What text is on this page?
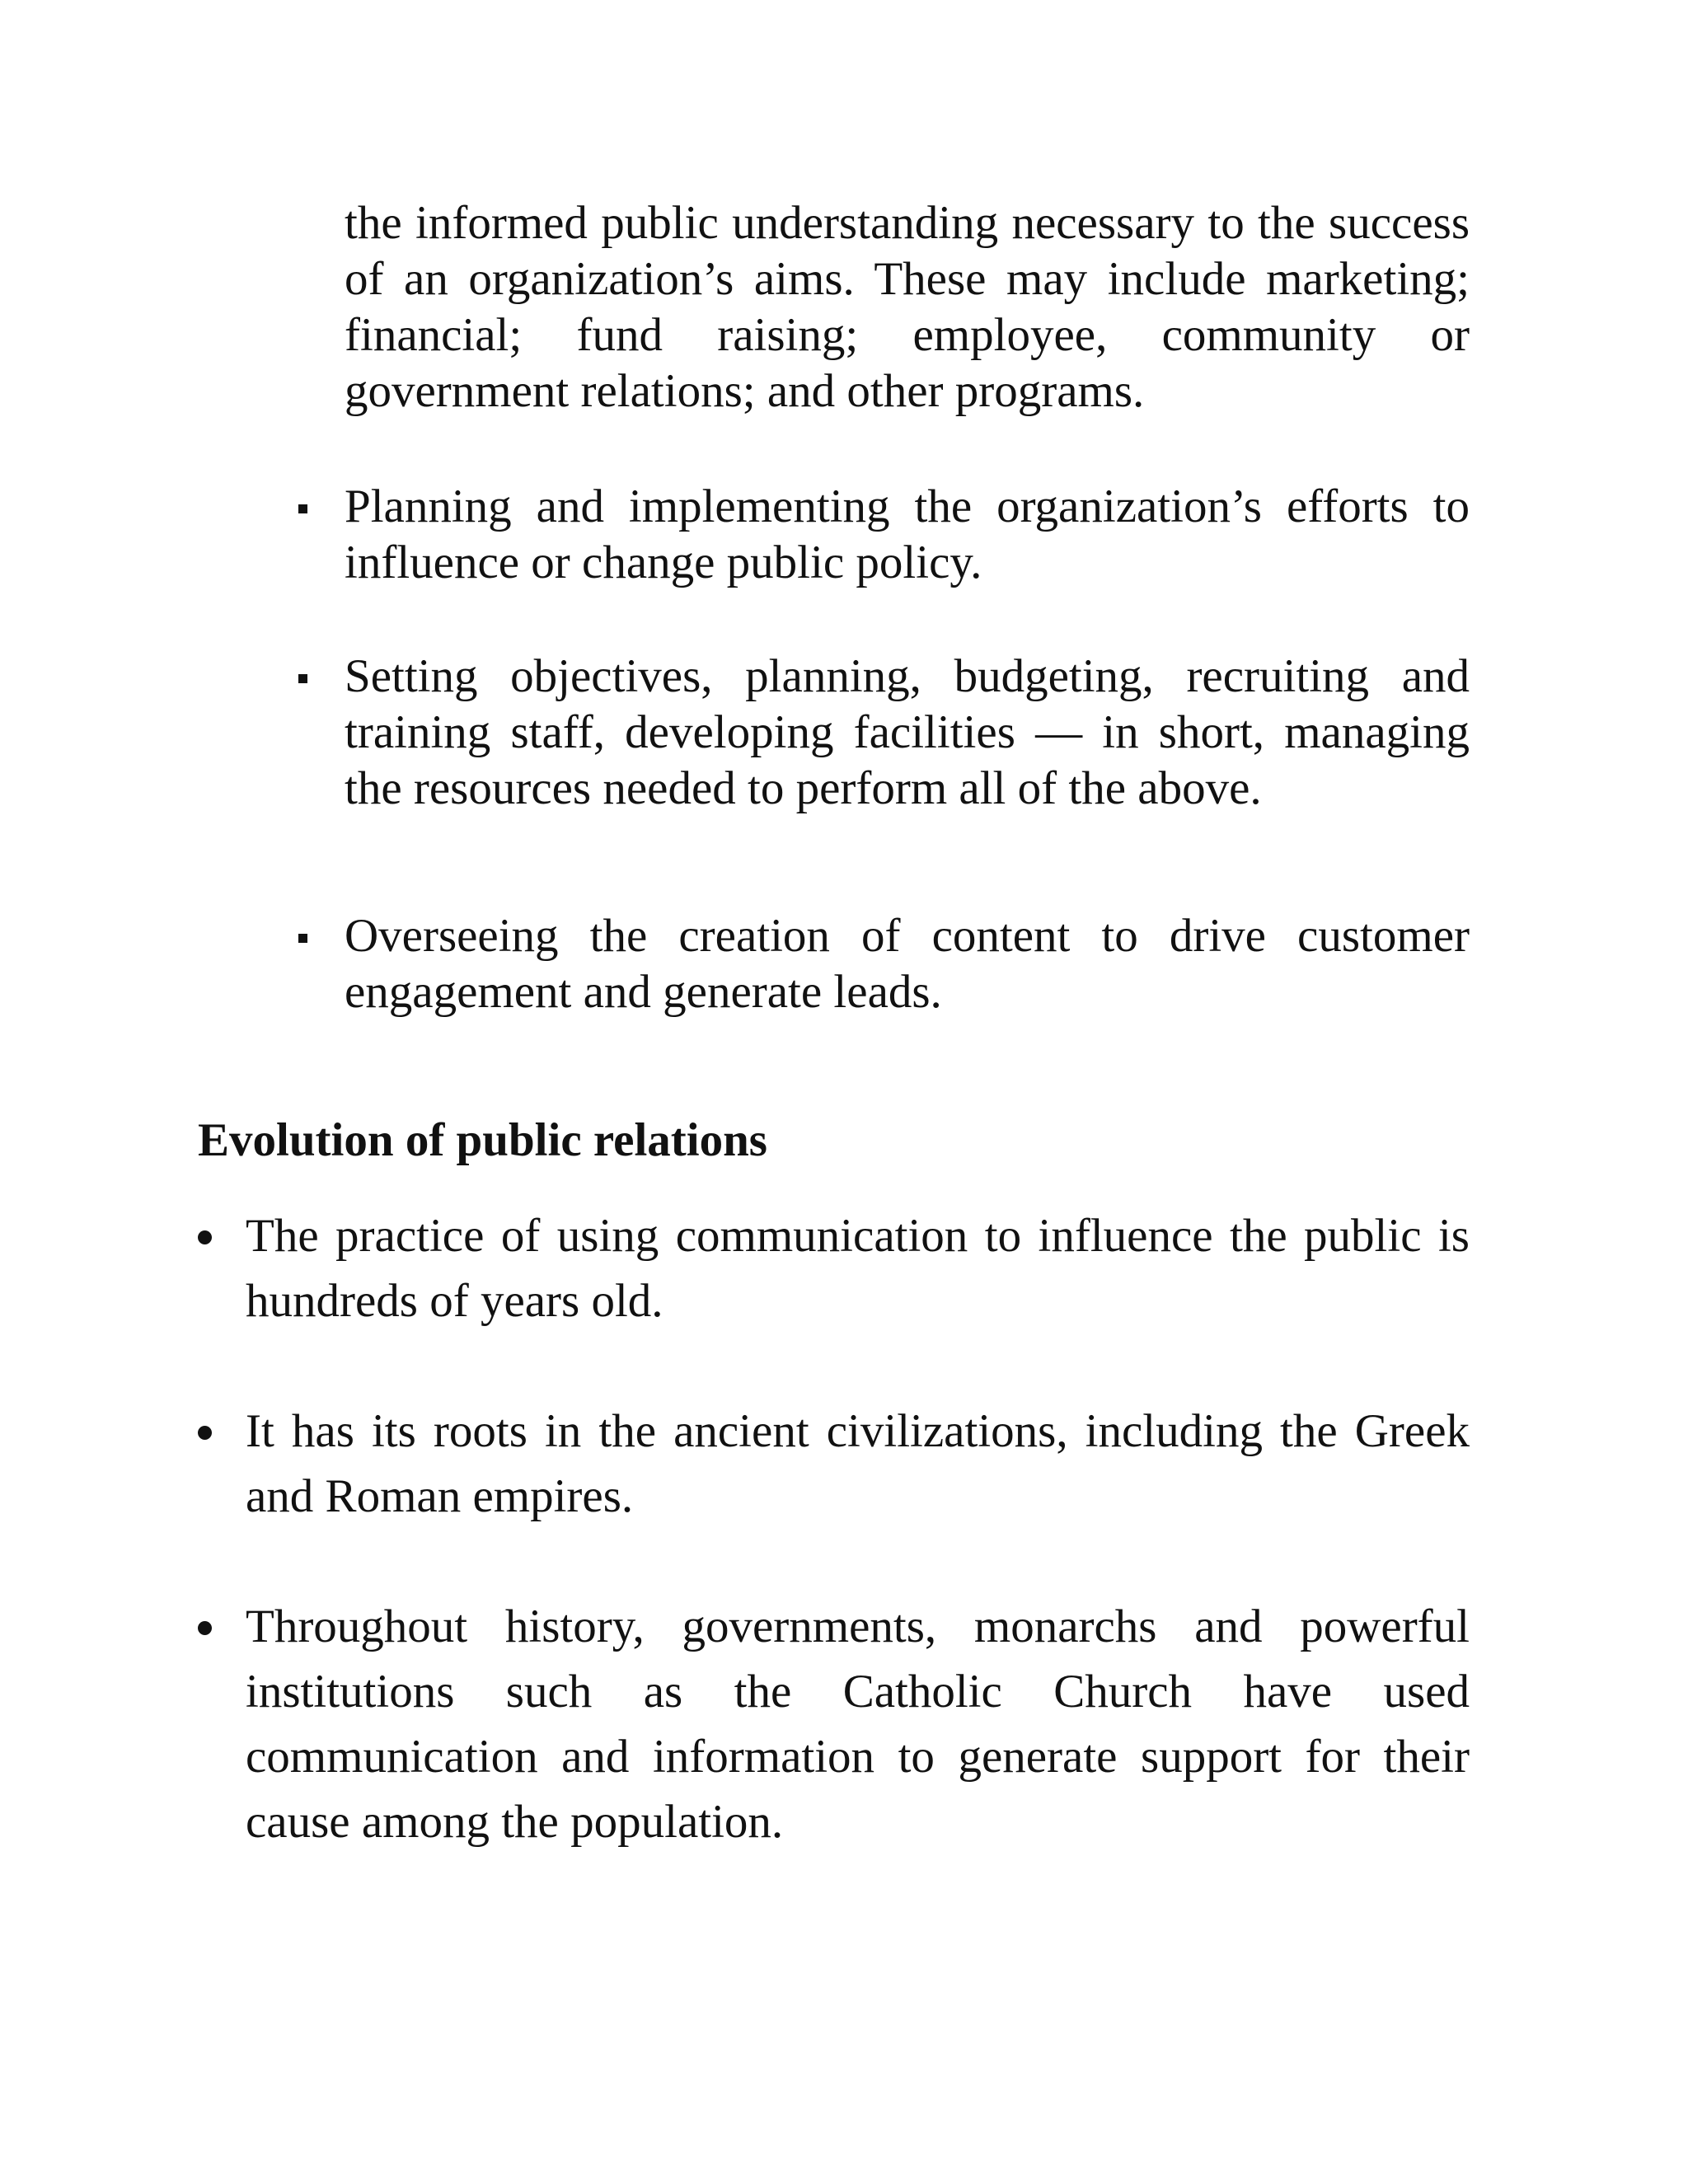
the informed public understanding necessary to the success of an organization’s aims. These may include marketing; financial; fund raising; employee, community or government relations; and other programs.

Planning and implementing the organization’s efforts to influence or change public policy.
Setting objectives, planning, budgeting, recruiting and training staff, developing facilities — in short, managing the resources needed to perform all of the above.
Overseeing the creation of content to drive customer engagement and generate leads.
Evolution of public relations
The practice of using communication to influence the public is hundreds of years old.
It has its roots in the ancient civilizations, including the Greek and Roman empires.
Throughout history, governments, monarchs and powerful institutions such as the Catholic Church have used communication and information to generate support for their cause among the population.
